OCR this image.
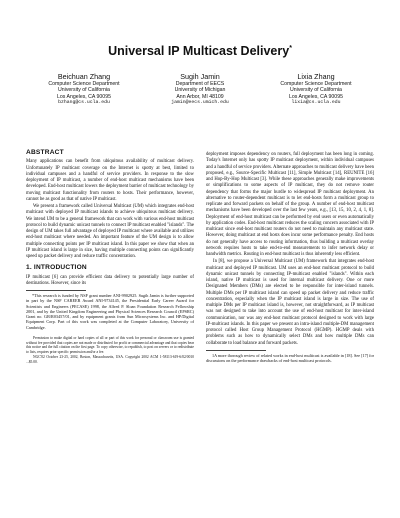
Universal IP Multicast Delivery*
Beichuan Zhang
Computer Science Department
University of California
Los Angeles, CA 90095
bzhang@cs.ucla.edu
Sugih Jamin
Department of EECS
University of Michigan
Ann Arbor, MI 48109
jamin@eecs.umich.edu
Lixia Zhang
Computer Science Department
University of California
Los Angeles, CA 90095
lixia@cs.ucla.edu
ABSTRACT

Many applications can benefit from ubiquitous availability of multicast delivery. Unfortunately IP multicast coverage on the Internet is spotty at best, limited to individual campuses and a handful of service providers. In response to the slow deployment of IP multicast, a number of end-host multicast mechanisms have been developed. End-host multicast lowers the deployment barrier of multicast technology by moving multicast functionality from routers to hosts. Their performance, however, cannot be as good as that of native IP multicast.

We present a framework called Universal Multicast (UM) which integrates end-host multicast with deployed IP multicast islands to achieve ubiquitous multicast delivery. We intend UM to be a general framework that can work with various end-host multicast protocol to build dynamic unicast tunnels to connect IP multicast enabled "islands". The design of UM takes full advantage of deployed IP multicast where available and utilizes end-host multicast where needed. An important feature of the UM design is to allow multiple connecting points per IP multicast island. In this paper we show that when an IP multicast island is large in size, having multiple connecting points can significantly speed up packet delivery and reduce traffic concentration.

1. INTRODUCTION

IP multicast [6] can provide efficient data delivery to potentially large number of destinations. However, since its

*This research is funded by NSF grant number ANI-9902925. Sugih Jamin is further supported in part by the NSF CAREER Award ANI-9734145, the Presidential Early Career Award for Scientists and Engineers (PECASE) 1998, the Alfred P. Sloan Foundation Research Fellowship 2001, and by the United Kingdom Engineering and Physical Sciences Research Council (EPSRC) Grant no. GR/R03457/01, and by equipment grants from Sun Microsystems Inc. and HP/Digital Equipment Corp. Part of this work was completed at the Computer Laboratory, University of Cambridge.

Permission to make digital or hard copies of all or part of this work for personal or classroom use is granted without fee provided that copies are not made or distributed for profit or commercial advantage and that copies bear this notice and the full citation on the first page. To copy otherwise, to republish, to post on servers or to redistribute to lists, requires prior specific permission and/or a fee.

NGC'02 October 23-25, 2002, Boston, Massachusetts, USA. Copyright 2002 ACM 1-58113-619-6/02/0010 ...$5.00.

deployment imposes dependency on routers, full deployment has been long in coming. Today's Internet only has spotty IP multicast deployment, within individual campuses and a handful of service providers. Alternate approaches to multicast delivery have been proposed, e.g., Source-Specific Multicast [11], Simple Multicast [14], REUNITE [16] and Hop-By-Hop Multicast [3]. While these approaches generally make improvements or simplifications to some aspects of IP multicast, they do not remove router dependency that forms the major hurdle to widespread IP multicast deployment. An alternative to router-dependent multicast is to let end-hosts form a multicast group to replicate and forward packets on behalf of the group. A number of end-host multicast mechanisms have been developed over the last few years, e.g., [13, 15, 10, 2, 4, 1, 8]. Deployment of end-host multicast can be performed by end users or even automatically by application codes. End-host multicast reduces the scaling concern associated with IP multicast since end-host multicast routers do not need to maintain any multicast state. However, doing multicast at end hosts does incur some performance penalty. End hosts do not generally have access to routing information, thus building a multicast overlay network requires hosts to take end-to-end measurements to infer network delay or bandwidth metrics. Routing in end-host multicast is thus inherently less efficient.

In [8], we propose a Universal Multicast (UM) framework that integrates end-host multicast and deployed IP multicast. UM uses an end-host multicast protocol to build dynamic unicast tunnels by connecting IP-multicast enabled "islands". Within each island, native IP multicast is used for internal multicast delivery. One or more Designated Members (DMs) are elected to be responsible for inter-island tunnels. Multiple DMs per IP multicast island can speed up packet delivery and reduce traffic concentration, especially when the IP multicast island is large in size. The use of multiple DMs per IP multicast island is, however, not straightforward, as IP multicast was not designed to take into account the use of end-host multicast for inter-island communication, nor was any end-host multicast protocol designed to work with large IP-multicast islands. In this paper we present an intra-island multiple-DM management protocol called Host Group Management Protocol (HGMP). HGMP deals with problems such as how to dynamically select DMs and how multiple DMs can collaborate to load balance and forward packets.

1A more thorough review of related works in end-host multicast is available in [18]. See [17] for discussions on the performance drawbacks of end-host multicast protocols.
